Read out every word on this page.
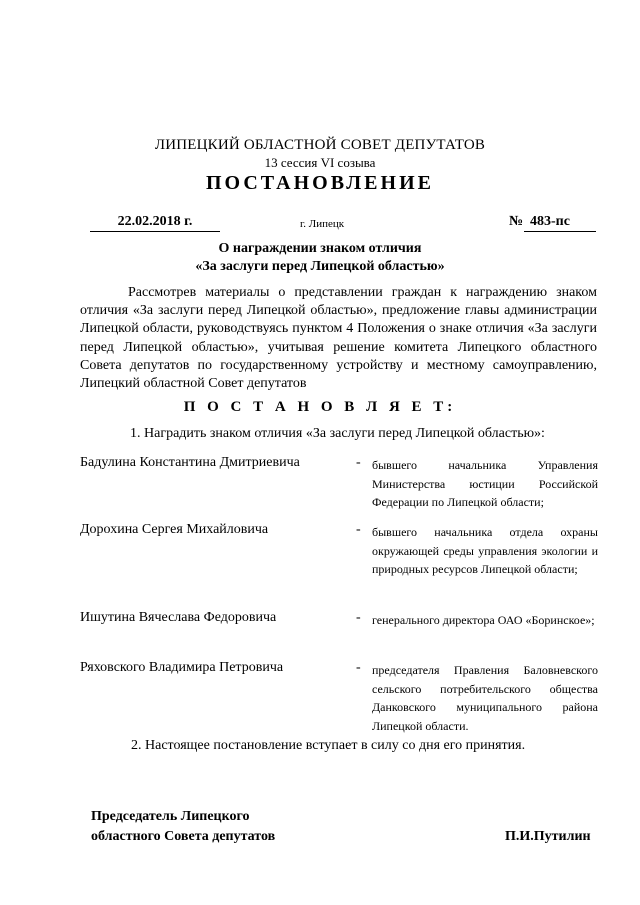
ЛИПЕЦКИЙ ОБЛАСТНОЙ СОВЕТ ДЕПУТАТОВ
13 сессия VI созыва
ПОСТАНОВЛЕНИЕ
22.02.2018 г.	г. Липецк	№ 483-пс
О награждении знаком отличия
«За заслуги перед Липецкой областью»
Рассмотрев материалы о представлении граждан к награждению знаком отличия «За заслуги перед Липецкой областью», предложение главы администрации Липецкой области, руководствуясь пунктом 4 Положения о знаке отличия «За заслуги перед Липецкой областью», учитывая решение комитета Липецкого областного Совета депутатов по государственному устройству и местному самоуправлению, Липецкий областной Совет депутатов
П О С Т А Н О В Л Я Е Т:
1. Наградить знаком отличия «За заслуги перед Липецкой областью»:
Бадулина Константина Дмитриевича	- бывшего начальника Управления Министерства юстиции Российской Федерации по Липецкой области;
Дорохина Сергея Михайловича	- бывшего начальника отдела охраны окружающей среды управления экологии и природных ресурсов Липецкой области;
Ишутина Вячеслава Федоровича	- генерального директора ОАО «Боринское»;
Ряховского Владимира Петровича	- председателя Правления Баловневского сельского потребительского общества Данковского муниципального района Липецкой области.
2. Настоящее постановление вступает в силу со дня его принятия.
Председатель Липецкого
областного Совета депутатов	П.И.Путилин
